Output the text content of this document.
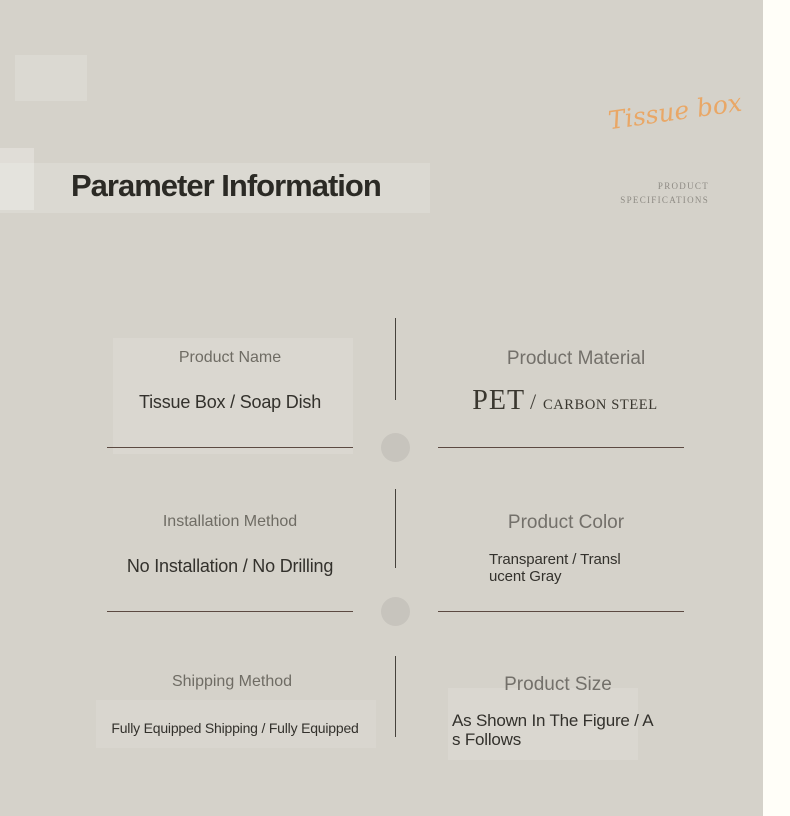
Parameter Information
Tissue box
PRODUCT
SPECIFICATIONS
Product Name
Tissue Box / Soap Dish
Product Material
PET / CARBON STEEL
Installation Method
No Installation / No Drilling
Product Color
Transparent / Transl
ucent Gray
Shipping Method
Fully Equipped Shipping / Fully Equipped
Product Size
As Shown In The Figure / A
s Follows
